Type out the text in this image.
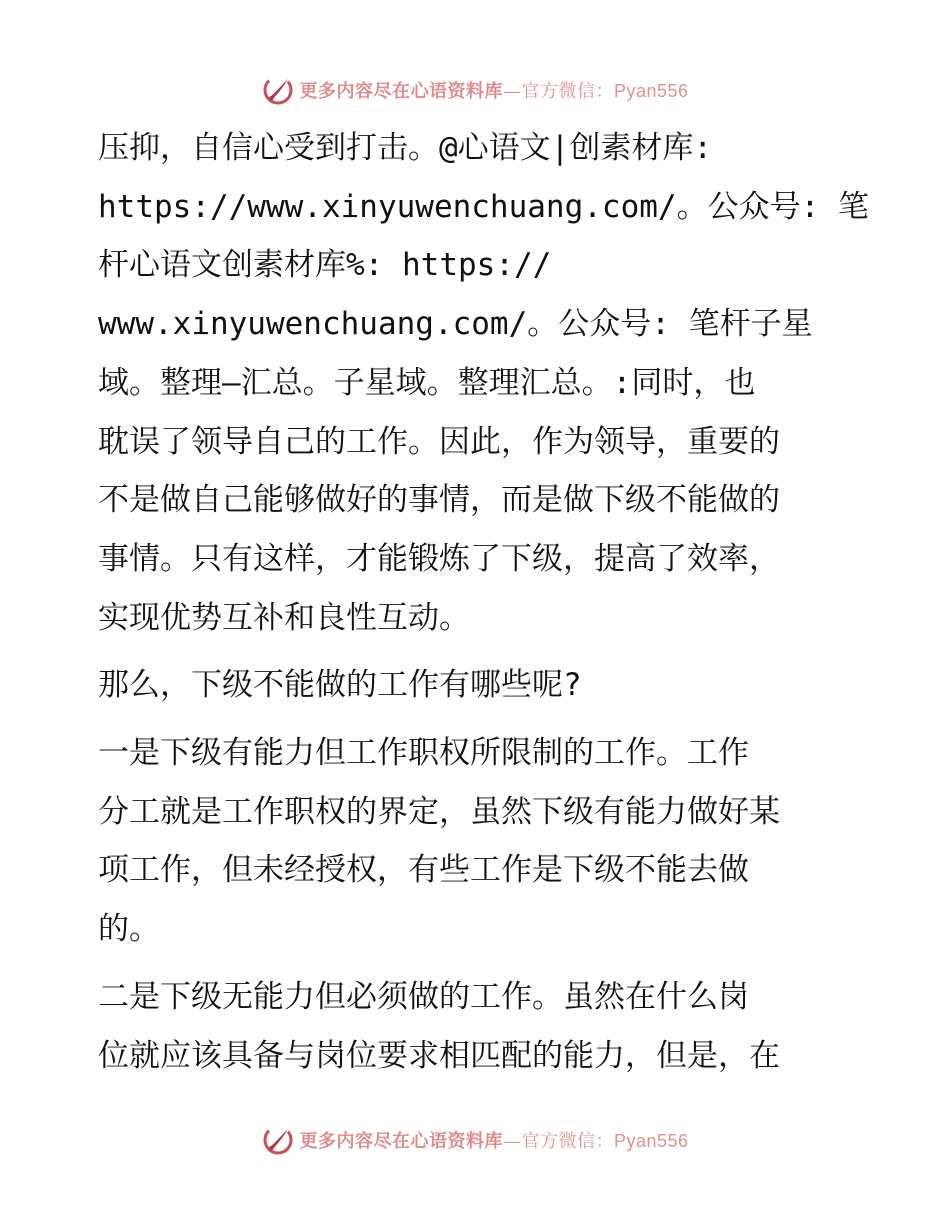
更多内容尽在心语资料库—官方微信：Pyan556

压抑，自信心受到打击。@心语文|创素材库:
https://www.xinyuwenchuang.com/。公众号: 笔
杆心语文创素材库%: https://
www.xinyuwenchuang.com/。公众号: 笔杆子星
域。整理—汇总。子星域。整理汇总。:同时，也
耽误了领导自己的工作。因此，作为领导，重要的
不是做自己能够做好的事情，而是做下级不能做的
事情。只有这样，才能锻炼了下级，提高了效率，
实现优势互补和良性互动。

那么，下级不能做的工作有哪些呢?

一是下级有能力但工作职权所限制的工作。工作
分工就是工作职权的界定，虽然下级有能力做好某
项工作，但未经授权，有些工作是下级不能去做
的。

二是下级无能力但必须做的工作。虽然在什么岗
位就应该具备与岗位要求相匹配的能力，但是，在

更多内容尽在心语资料库—官方微信：Pyan556
